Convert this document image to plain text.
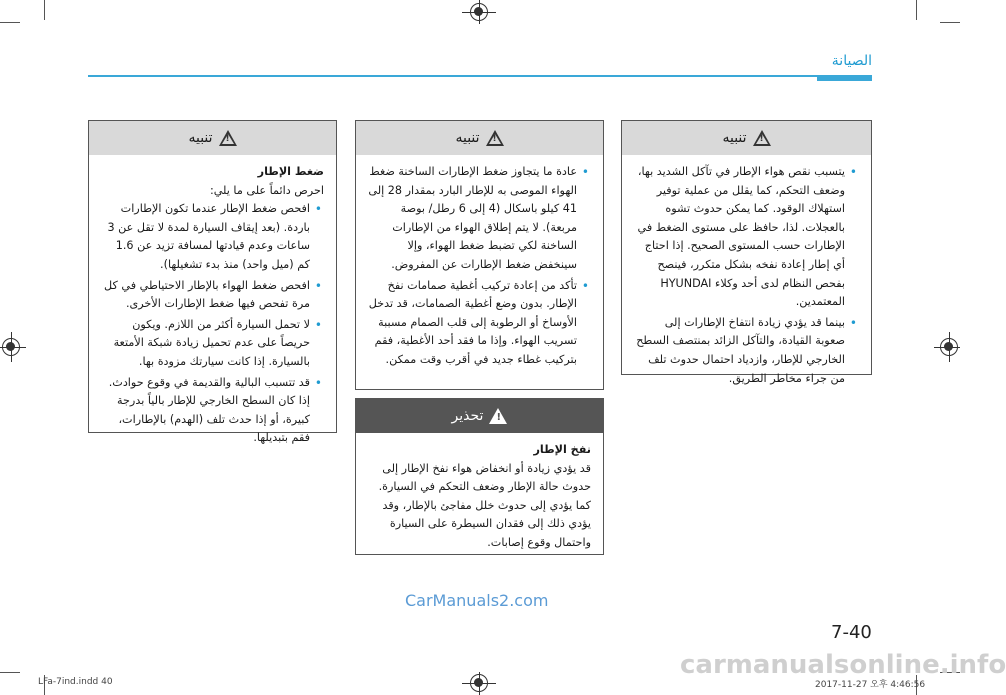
الصيانة
!
تنبيه
• يتسبب نقص هواء الإطار في تآكل الشديد بها، وضعف التحكم، كما يقلل من عملية توفير استهلاك الوقود. كما يمكن حدوث تشوه بالعجلات. لذا، حافظ على مستوى الضغط في الإطارات حسب المستوى الصحيح. إذا احتاج أي إطار إعادة نفخه بشكل متكرر، فينصح بفحص النظام لدى أحد وكلاء HYUNDAI المعتمدين.
• بينما قد يؤدي زيادة انتفاخ الإطارات إلى صعوبة القيادة، والتآكل الزائد بمنتصف السطح الخارجي للإطار، وازدياد احتمال حدوث تلف من جراء مخاطر الطريق.
!
تنبيه
• عادة ما يتجاوز ضغط الإطارات الساخنة ضغط الهواء الموصى به للإطار البارد بمقدار 28 إلى 41 كيلو باسكال (4 إلى 6 رطل/ بوصة مربعة). لا يتم إطلاق الهواء من الإطارات الساخنة لكي تضبط ضغط الهواء، وإلا سينخفض ضغط الإطارات عن المفروض.
• تأكد من إعادة تركيب أغطية صمامات نفخ الإطار. بدون وضع أغطية الصمامات، قد تدخل الأوساخ أو الرطوبة إلى قلب الصمام مسببة تسريب الهواء. وإذا ما فقد أحد الأغطية، فقم بتركيب غطاء جديد في أقرب وقت ممكن.
!
تنبيه

ضغط الإطار

احرص دائماً على ما يلي:

• افحص ضغط الإطار عندما تكون الإطارات باردة. (بعد إيقاف السيارة لمدة لا تقل عن 3 ساعات وعدم قيادتها لمسافة تزيد عن 1.6 كم (ميل واحد) منذ بدء تشغيلها).
• افحص ضغط الهواء بالإطار الاحتياطي في كل مرة تفحص فيها ضغط الإطارات الأخرى.
• لا تحمل السيارة أكثر من اللازم. ويكون حريصاً على عدم تحميل زيادة شبكة الأمتعة بالسيارة. إذا كانت سيارتك مزودة بها.
• قد تتسبب البالية والقديمة في وقوع حوادث. إذا كان السطح الخارجي للإطار بالياً بدرجة كبيرة، أو إذا حدث تلف (الهدم) بالإطارات، فقم بتبديلها.
!
تحذير

نفخ الإطار

قد يؤدي زيادة أو انخفاض هواء نفخ الإطار إلى حدوث حالة الإطار وضعف التحكم في السيارة. كما يؤدي إلى حدوث خلل مفاجئ بالإطار، وقد يؤدي ذلك إلى فقدان السيطرة على السيارة واحتمال وقوع إصابات.

carmanualsonline.info
CarManuals2.com
7-40
LFa-7ind.indd 40	2017-11-27 오후 4:46:56
